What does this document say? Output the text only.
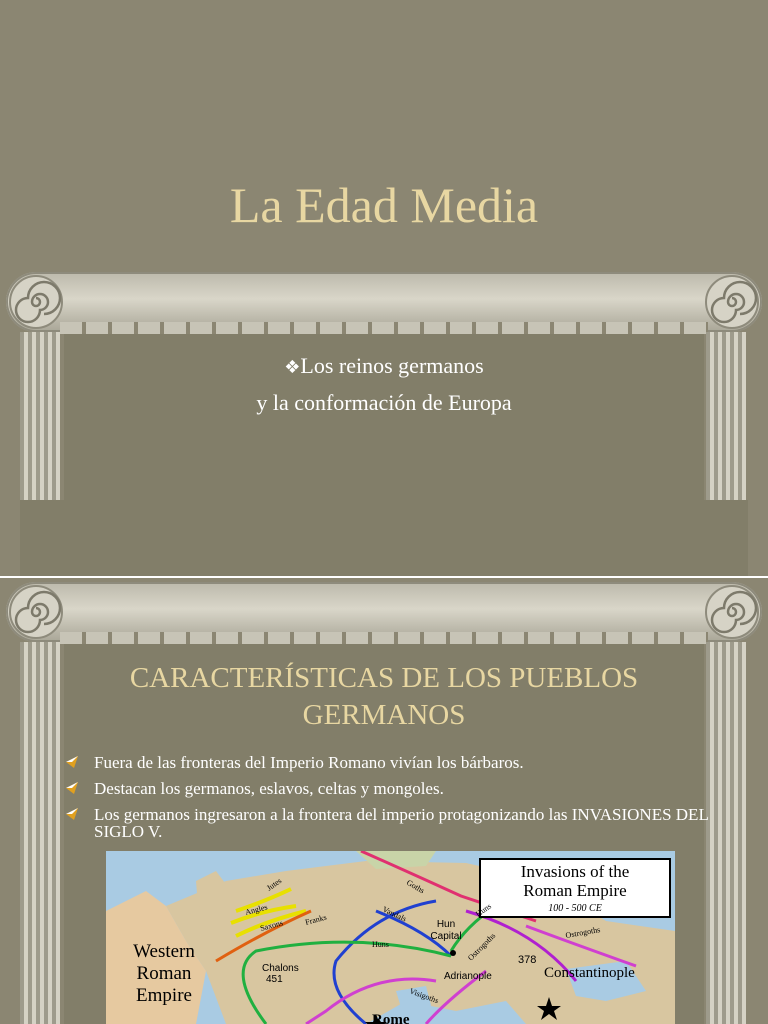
La Edad Media
❖Los reinos germanos
y la conformación de Europa
CARACTERÍSTICAS DE LOS PUEBLOS GERMANOS
Fuera de las fronteras del Imperio Romano vivían los bárbaros.
Destacan los germanos, eslavos, celtas y mongoles.
Los germanos ingresaron a la frontera del imperio protagonizando las INVASIONES DEL SIGLO V.
Invasions of the
Roman Empire
100 - 500 CE
Western
Roman
Empire
Jutes
Angles
Saxons	Franks
Goths
Vandals
Huns
Hun
Capital
Huns
Ostrogoths	Ostrogoths
Chalons
451
Visigoths
Adrianople
378
Constantinople
Rome
